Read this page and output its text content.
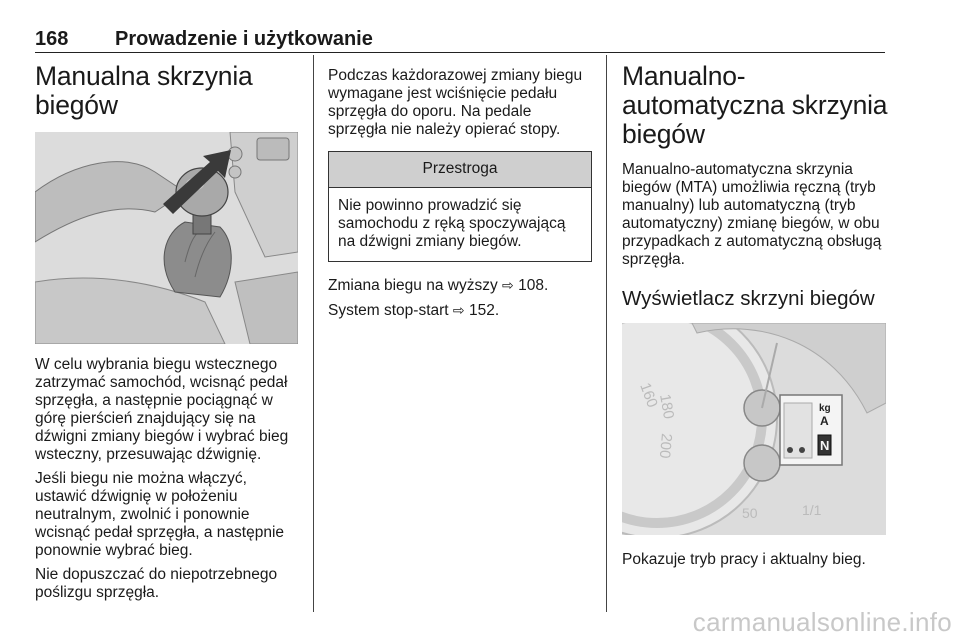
168 Prowadzenie i użytkowanie
Manualna skrzynia biegów

W celu wybrania biegu wstecznego zatrzymać samochód, wcisnąć pedał sprzęgła, a następnie pociągnąć w górę pierścień znajdujący się na dźwigni zmiany biegów i wybrać bieg wsteczny, przesuwając dźwignię.

Jeśli biegu nie można włączyć, ustawić dźwignię w położeniu neutralnym, zwolnić i ponownie wcisnąć pedał sprzęgła, a następnie ponownie wybrać bieg.

Nie dopuszczać do niepotrzebnego poślizgu sprzęgła.

Podczas każdorazowej zmiany biegu wymagane jest wciśnięcie pedału sprzęgła do oporu. Na pedale sprzęgła nie należy opierać stopy.

Przestroga
Nie powinno prowadzić się samochodu z ręką spoczywającą na dźwigni zmiany biegów.

Zmiana biegu na wyższy ⇨ 108.

System stop-start ⇨ 152.

Manualno-automatyczna skrzynia biegów

Manualno-automatyczna skrzynia biegów (MTA) umożliwia ręczną (tryb manualny) lub automatyczną (tryb automatyczny) zmianę biegów, w obu przypadkach z automatyczną obsługą sprzęgła.

Wyświetlacz skrzyni biegów
160
180
200
kg
A
N
50	1/1

Pokazuje tryb pracy i aktualny bieg.

carmanualsonline.info
